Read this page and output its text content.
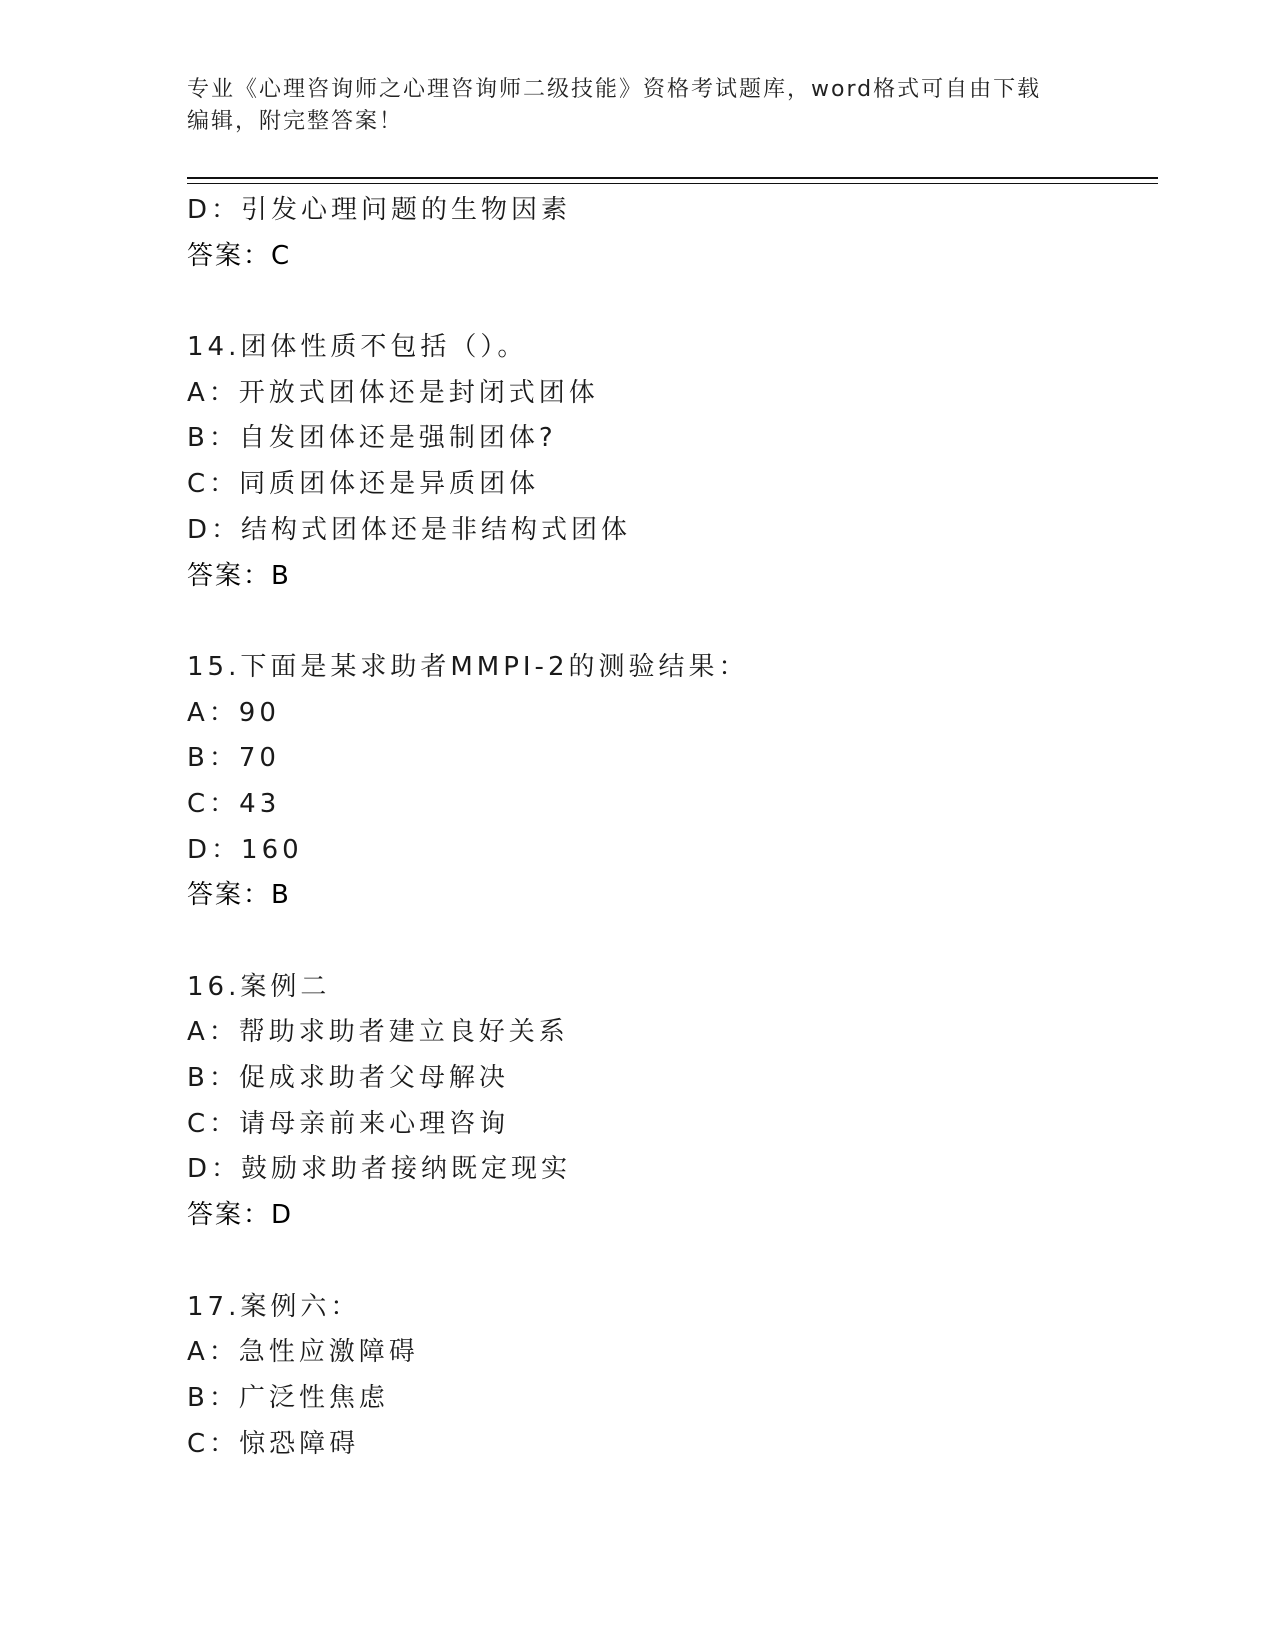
专业《心理咨询师之心理咨询师二级技能》资格考试题库，word格式可自由下载
编辑，附完整答案！
D：引发心理问题的生物因素
答案：C
14.团体性质不包括（）。
A：开放式团体还是封闭式团体
B：自发团体还是强制团体?
C：同质团体还是异质团体
D：结构式团体还是非结构式团体
答案：B
15.下面是某求助者MMPI-2的测验结果：
A：90
B：70
C：43
D：160
答案：B
16.案例二
A：帮助求助者建立良好关系
B：促成求助者父母解决
C：请母亲前来心理咨询
D：鼓励求助者接纳既定现实
答案：D
17.案例六：
A：急性应激障碍
B：广泛性焦虑
C：惊恐障碍
